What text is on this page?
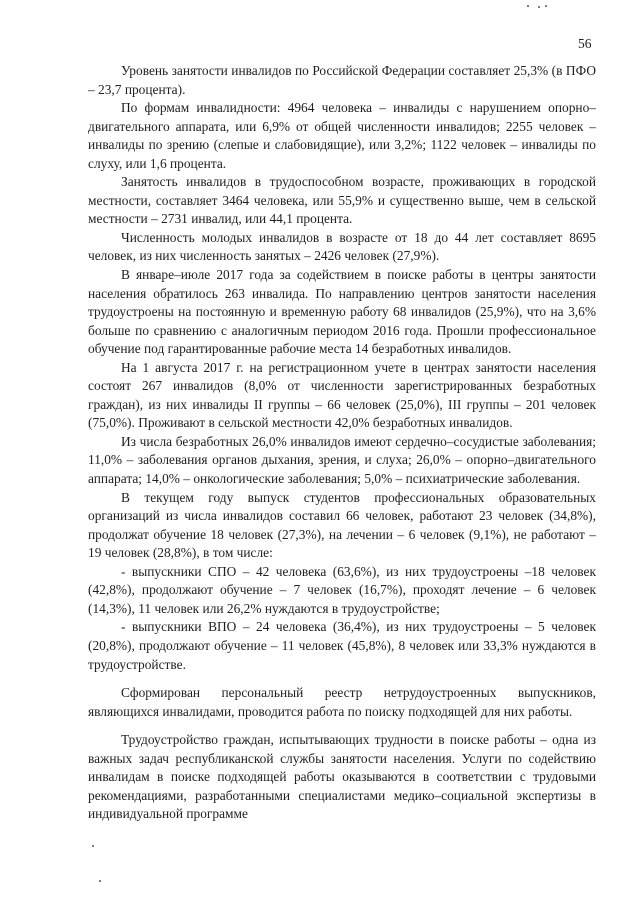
56

Уровень занятости инвалидов по Российской Федерации составляет 25,3% (в ПФО – 23,7 процента).

По формам инвалидности: 4964 человека – инвалиды с нарушением опорно–двигательного аппарата, или 6,9% от общей численности инвалидов; 2255 человек – инвалиды по зрению (слепые и слабовидящие), или 3,2%; 1122 человек – инвалиды по слуху, или 1,6 процента.

Занятость инвалидов в трудоспособном возрасте, проживающих в городской местности, составляет 3464 человека, или 55,9% и существенно выше, чем в сельской местности – 2731 инвалид, или 44,1 процента.

Численность молодых инвалидов в возрасте от 18 до 44 лет составляет 8695 человек, из них численность занятых – 2426 человек (27,9%).

В январе–июле 2017 года за содействием в поиске работы в центры занятости населения обратилось 263 инвалида. По направлению центров занятости населения трудоустроены на постоянную и временную работу 68 инвалидов (25,9%), что на 3,6% больше по сравнению с аналогичным периодом 2016 года. Прошли профессиональное обучение под гарантированные рабочие места 14 безработных инвалидов.

На 1 августа 2017 г. на регистрационном учете в центрах занятости населения состоят 267 инвалидов (8,0% от численности зарегистрированных безработных граждан), из них инвалиды II группы – 66 человек (25,0%), III группы – 201 человек (75,0%). Проживают в сельской местности 42,0% безработных инвалидов.

Из числа безработных 26,0% инвалидов имеют сердечно–сосудистые заболевания; 11,0% – заболевания органов дыхания, зрения, и слуха; 26,0% – опорно–двигательного аппарата; 14,0% – онкологические заболевания; 5,0% – психиатрические заболевания.

В текущем году выпуск студентов профессиональных образовательных организаций из числа инвалидов составил 66 человек, работают 23 человек (34,8%), продолжат обучение 18 человек (27,3%), на лечении – 6 человек (9,1%), не работают – 19 человек (28,8%), в том числе:

- выпускники СПО – 42 человека (63,6%), из них трудоустроены –18 человек (42,8%), продолжают обучение – 7 человек (16,7%), проходят лечение – 6 человек (14,3%), 11 человек или 26,2% нуждаются в трудоустройстве;

- выпускники ВПО – 24 человека (36,4%), из них трудоустроены – 5 человек (20,8%), продолжают обучение – 11 человек (45,8%), 8 человек или 33,3% нуждаются в трудоустройстве.

Сформирован персональный реестр нетрудоустроенных выпускников, являющихся инвалидами, проводится работа по поиску подходящей для них работы.

Трудоустройство граждан, испытывающих трудности в поиске работы – одна из важных задач республиканской службы занятости населения. Услуги по содействию инвалидам в поиске подходящей работы оказываются в соответствии с трудовыми рекомендациями, разработанными специалистами медико–социальной экспертизы в индивидуальной программе
